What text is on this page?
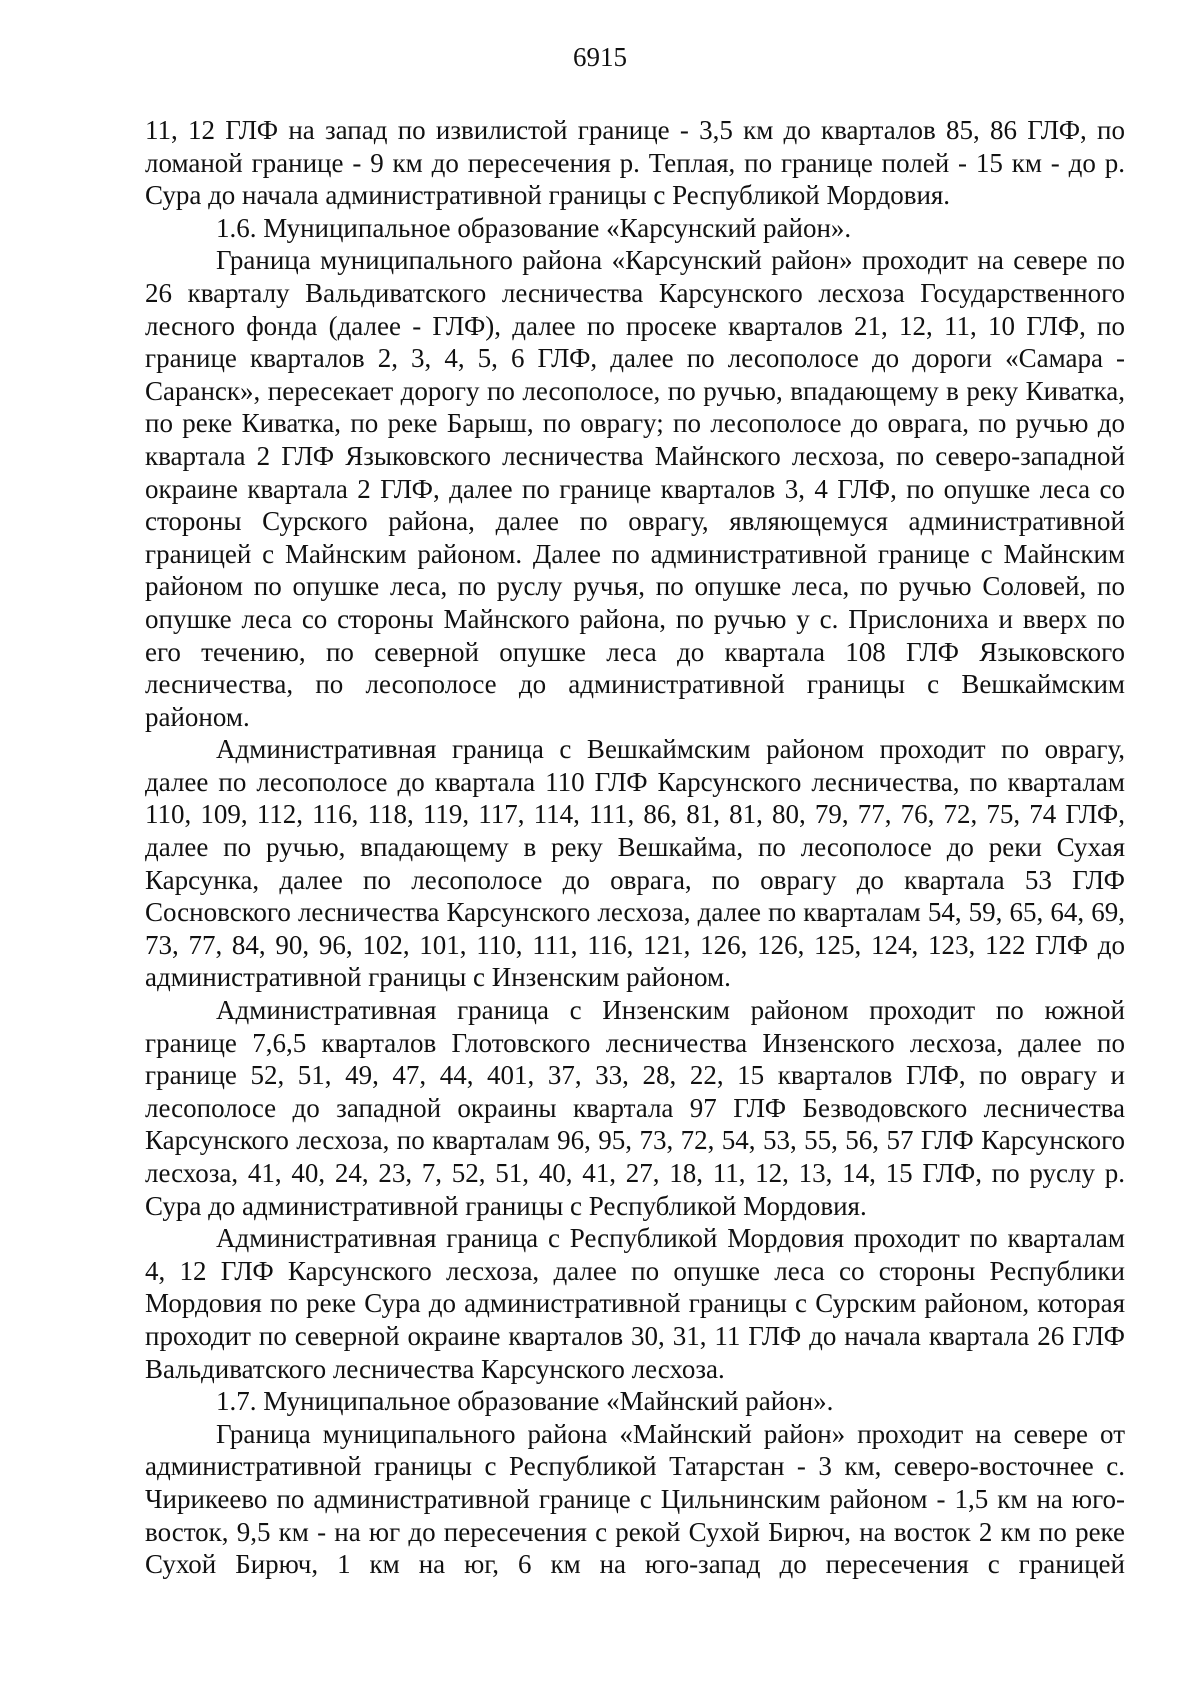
6915

11, 12 ГЛФ на запад по извилистой границе - 3,5 км до кварталов 85, 86 ГЛФ, по ломаной границе - 9 км до пересечения р. Теплая, по границе полей - 15 км - до р. Сура до начала административной границы с Республикой Мордовия.

1.6. Муниципальное образование «Карсунский район».

Граница муниципального района «Карсунский район» проходит на севере по 26 кварталу Вальдиватского лесничества Карсунского лесхоза Государственного лесного фонда (далее - ГЛФ), далее по просеке кварталов 21, 12, 11, 10 ГЛФ, по границе кварталов 2, 3, 4, 5, 6 ГЛФ, далее по лесополосе до дороги «Самара - Саранск», пересекает дорогу по лесополосе, по ручью, впадающему в реку Киватка, по реке Киватка, по реке Барыш, по оврагу; по лесополосе до оврага, по ручью до квартала 2 ГЛФ Языковского лесничества Майнского лесхоза, по северо-западной окраине квартала 2 ГЛФ, далее по границе кварталов 3, 4 ГЛФ, по опушке леса со стороны Сурского района, далее по оврагу, являющемуся административной границей с Майнским районом. Далее по административной границе с Майнским районом по опушке леса, по руслу ручья, по опушке леса, по ручью Соловей, по опушке леса со стороны Майнского района, по ручью у с. Прислониха и вверх по его течению, по северной опушке леса до квартала 108 ГЛФ Языковского лесничества, по лесополосе до административной границы с Вешкаймским районом.

Административная граница с Вешкаймским районом проходит по оврагу, далее по лесополосе до квартала 110 ГЛФ Карсунского лесничества, по кварталам 110, 109, 112, 116, 118, 119, 117, 114, 111, 86, 81, 81, 80, 79, 77, 76, 72, 75, 74 ГЛФ, далее по ручью, впадающему в реку Вешкайма, по лесополосе до реки Сухая Карсунка, далее по лесополосе до оврага, по оврагу до квартала 53 ГЛФ Сосновского лесничества Карсунского лесхоза, далее по кварталам 54, 59, 65, 64, 69, 73, 77, 84, 90, 96, 102, 101, 110, 111, 116, 121, 126, 126, 125, 124, 123, 122 ГЛФ до административной границы с Инзенским районом.

Административная граница с Инзенским районом проходит по южной границе 7,6,5 кварталов Глотовского лесничества Инзенского лесхоза, далее по границе 52, 51, 49, 47, 44, 401, 37, 33, 28, 22, 15 кварталов ГЛФ, по оврагу и лесополосе до западной окраины квартала 97 ГЛФ Безводовского лесничества Карсунского лесхоза, по кварталам 96, 95, 73, 72, 54, 53, 55, 56, 57 ГЛФ Карсунского лесхоза, 41, 40, 24, 23, 7, 52, 51, 40, 41, 27, 18, 11, 12, 13, 14, 15 ГЛФ, по руслу р. Сура до административной границы с Республикой Мордовия.

Административная граница с Республикой Мордовия проходит по кварталам 4, 12 ГЛФ Карсунского лесхоза, далее по опушке леса со стороны Республики Мордовия по реке Сура до административной границы с Сурским районом, которая проходит по северной окраине кварталов 30, 31, 11 ГЛФ до начала квартала 26 ГЛФ Вальдиватского лесничества Карсунского лесхоза.

1.7. Муниципальное образование «Майнский район».

Граница муниципального района «Майнский район» проходит на севере от административной границы с Республикой Татарстан - 3 км, северо-восточнее с. Чирикеево по административной границе с Цильнинским районом - 1,5 км на юго-восток, 9,5 км - на юг до пересечения с рекой Сухой Бирюч, на восток 2 км по реке Сухой Бирюч, 1 км на юг, 6 км на юго-запад до пересечения с границей
